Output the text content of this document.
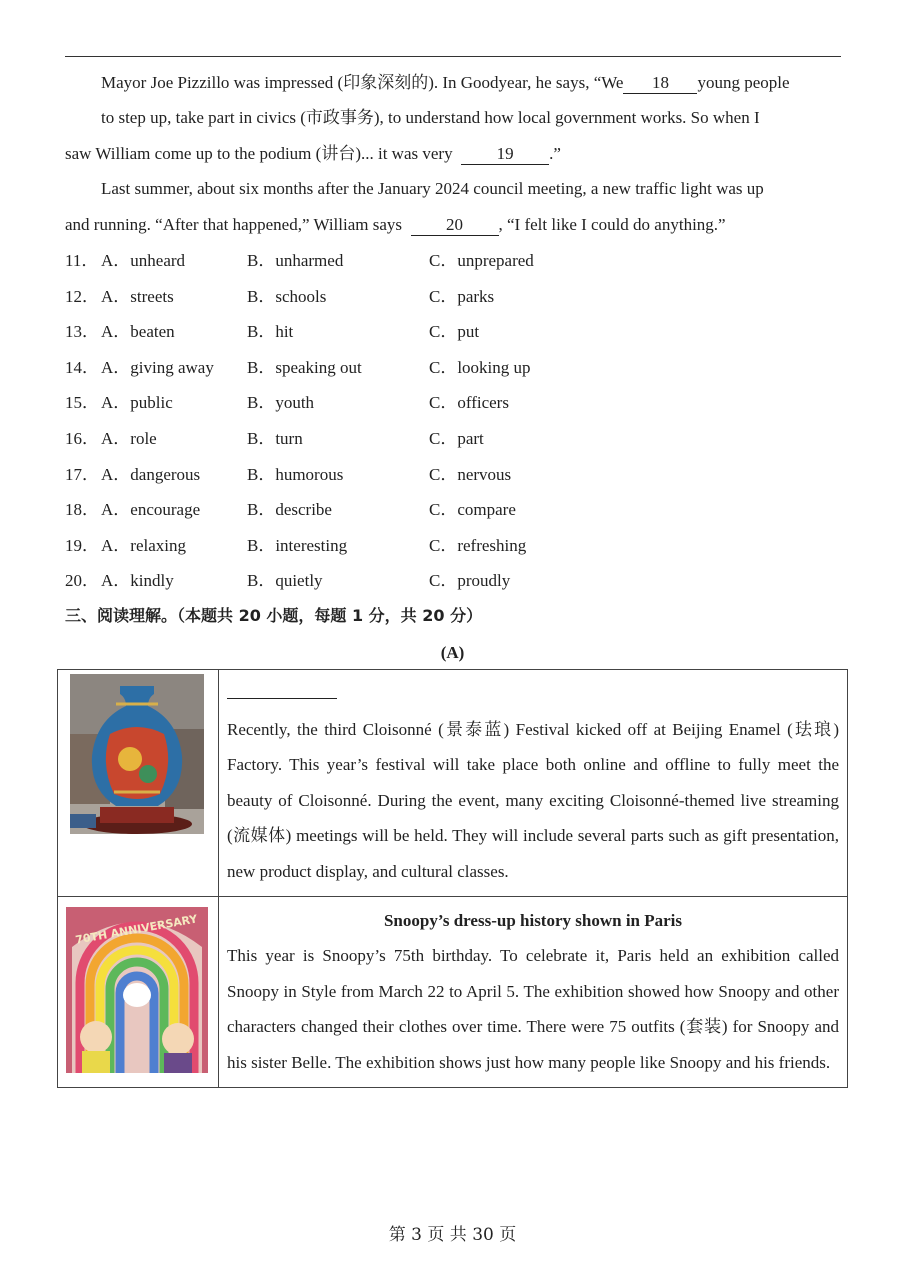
Mayor Joe Pizzillo was impressed (印象深刻的). In Goodyear, he says, “We 18 young people
to step up, take part in civics (市政事务), to understand how local government works. So when I
saw William come up to the podium (讲台)... it was very	19 .”
Last summer, about six months after the January 2024 council meeting, a new traffic light was up
and running. “After that happened,” William says	20 , “I felt like I could do anything.”
11． A．unheard	B．unharmed	C．unprepared
12． A．streets	B．schools	C．parks
13． A．beaten	B．hit	C．put
14． A．giving away B．speaking out	C．looking up
15． A．public	B．youth	C．officers
16． A．role	B．turn	C．part
17． A．dangerous	B．humorous	C．nervous
18． A．encourage	B．describe	C．compare
19． A．relaxing	B．interesting	C．refreshing
20． A．kindly	B．quietly	C．proudly
三、阅读理解。（本题共 20 小题，每题 1 分，共 20 分）
(A)

Recently, the third Cloisonné (景泰蓝) Festival kicked off at Beijing Enamel (珐琅) Factory. This year’s festival will take place both online and offline to fully meet the beauty of Cloisonné. During the event, many exciting Cloisonné-themed live streaming (流媒体) meetings will be held. They will include several parts such as gift presentation, new product display, and cultural classes.

70TH ANNIVERSARY	Snoopy’s dress-up history shown in Paris
This year is Snoopy’s 75th birthday. To celebrate it, Paris held an exhibition called Snoopy in Style from March 22 to April 5. The exhibition showed how Snoopy and other characters changed their clothes over time. There were 75 outfits (套装) for Snoopy and his sister Belle. The exhibition shows just how many people like Snoopy and his friends.
第 3 页 共 30 页
